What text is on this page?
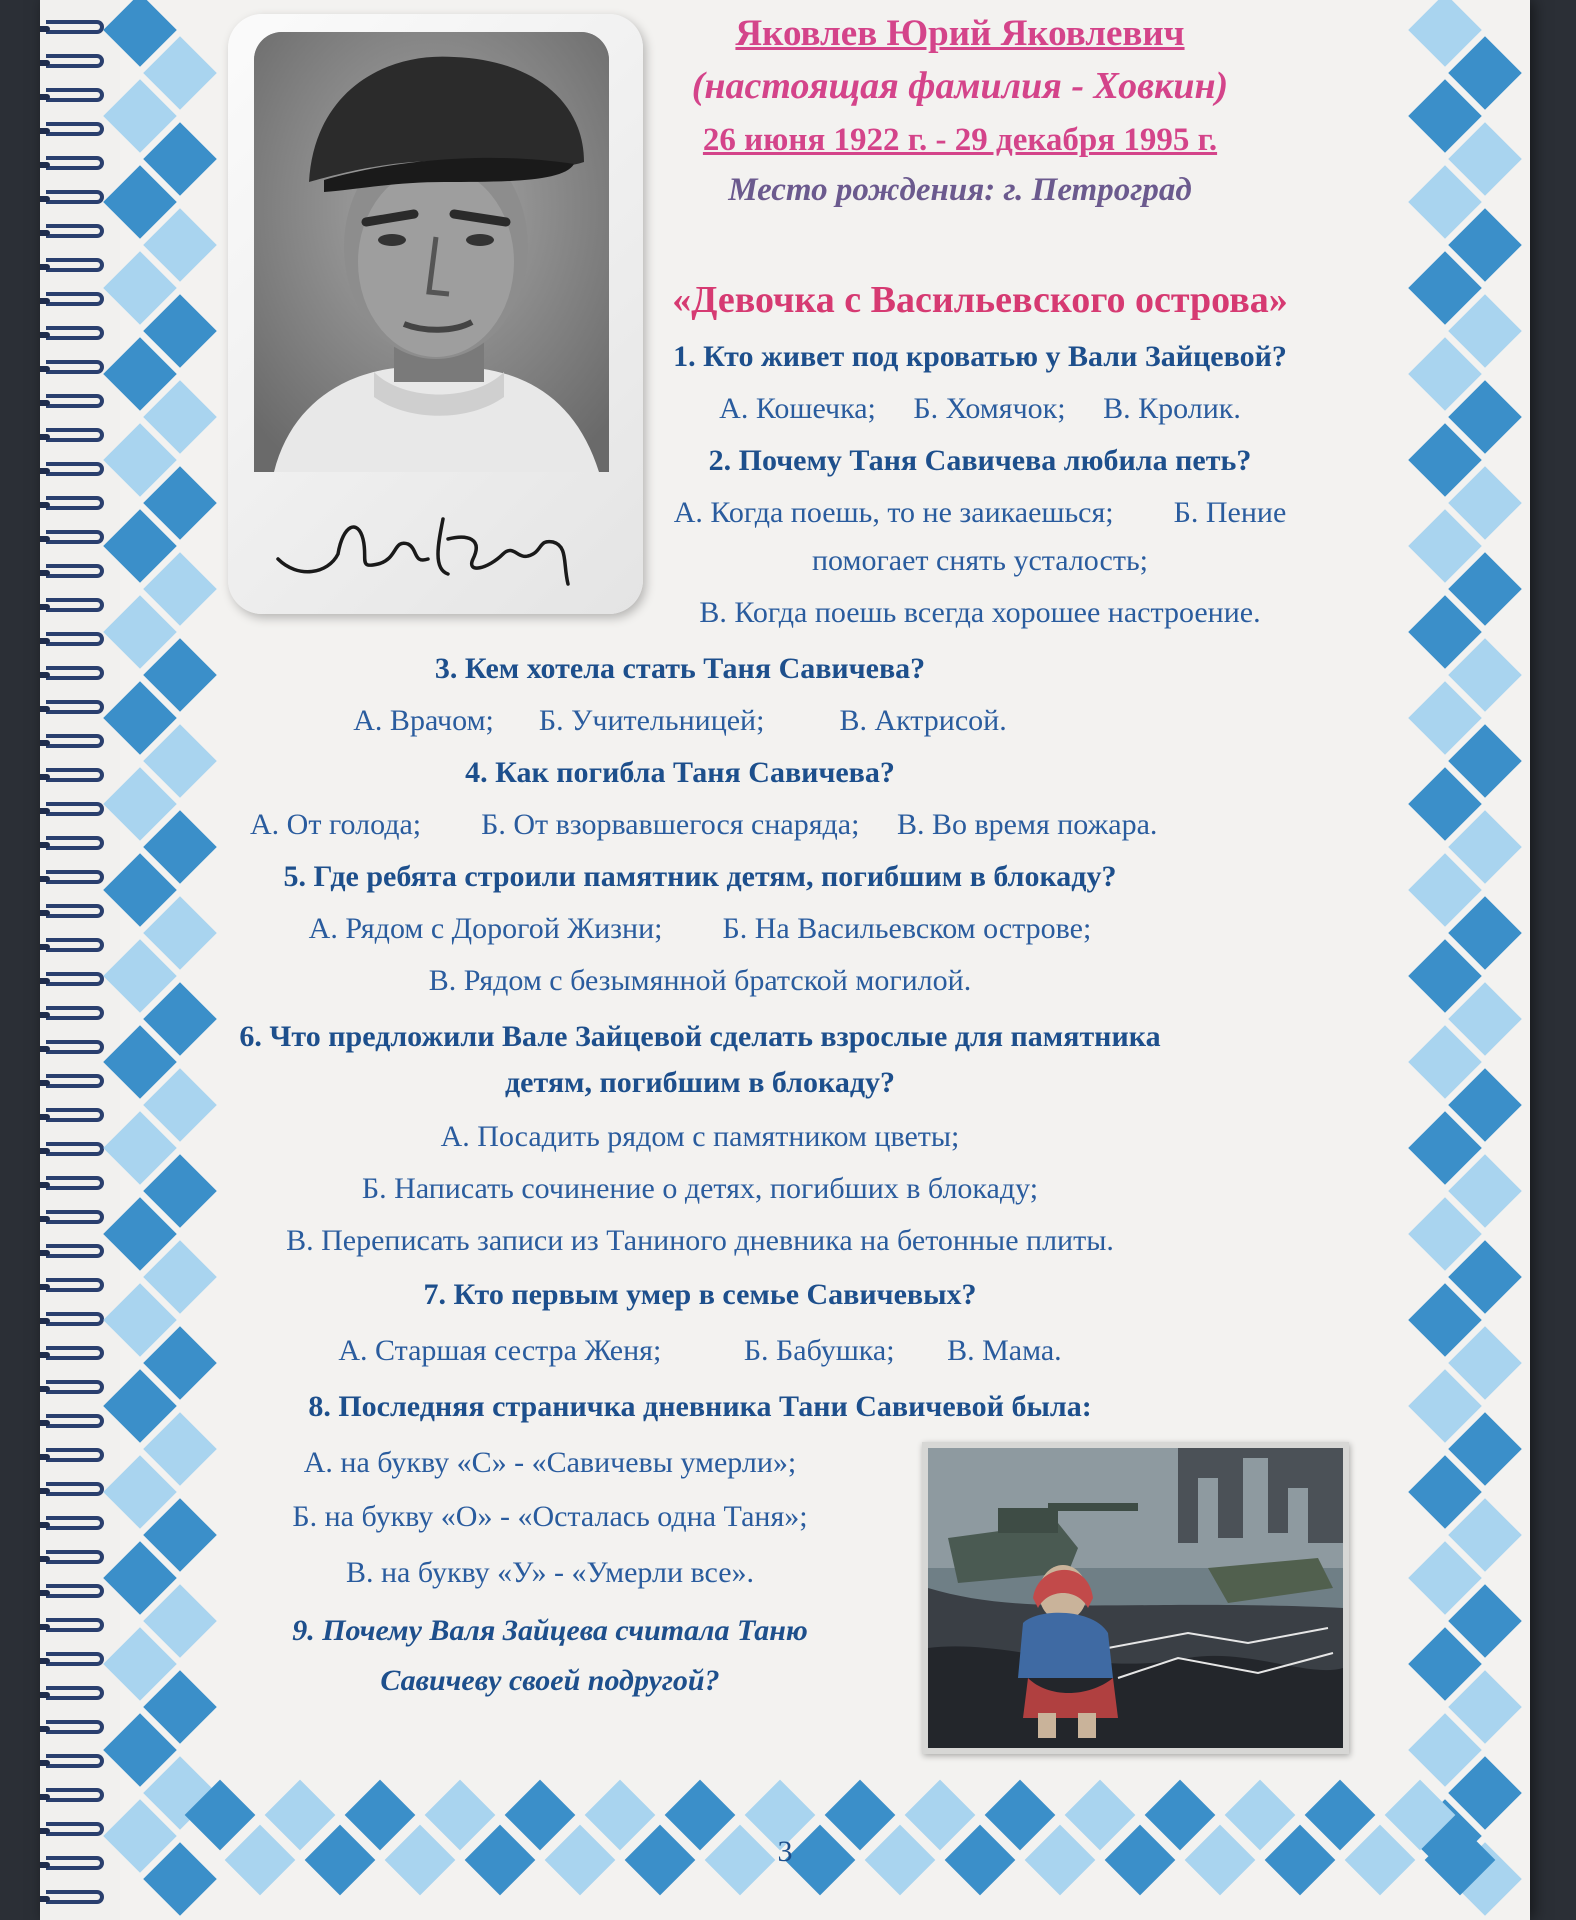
Яковлев Юрий Яковлевич
(настоящая фамилия - Ховкин)
26 июня 1922 г. - 29 декабря 1995 г.
Место рождения: г. Петроград
«Девочка с Васильевского острова»
1. Кто живет под кроватью у Вали Зайцевой?
А. Кошечка; Б. Хомячок; В. Кролик.
2. Почему Таня Савичева любила петь?
А. Когда поешь, то не заикаешься; Б. Пение
помогает снять усталость;
В. Когда поешь всегда хорошее настроение.
3. Кем хотела стать Таня Савичева?
А. Врачом; Б. Учительницей;	В. Актрисой.
4. Как погибла Таня Савичева?
А. От голода; Б. От взорвавшегося снаряда; В. Во время пожара.
5. Где ребята строили памятник детям, погибшим в блокаду?
А. Рядом с Дорогой Жизни; Б. На Васильевском острове;
В. Рядом с безымянной братской могилой.
6. Что предложили Вале Зайцевой сделать взрослые для памятника
детям, погибшим в блокаду?
А. Посадить рядом с памятником цветы;
Б. Написать сочинение о детях, погибших в блокаду;
В. Переписать записи из Таниного дневника на бетонные плиты.
7. Кто первым умер в семье Савичевых?
А. Старшая сестра Женя;	Б. Бабушка; В. Мама.
8. Последняя страничка дневника Тани Савичевой была:
А. на букву «С» - «Савичевы умерли»;
Б. на букву «О» - «Осталась одна Таня»;
В. на букву «У» - «Умерли все».
9. Почему Валя Зайцева считала Таню
Савичеву своей подругой?
3
